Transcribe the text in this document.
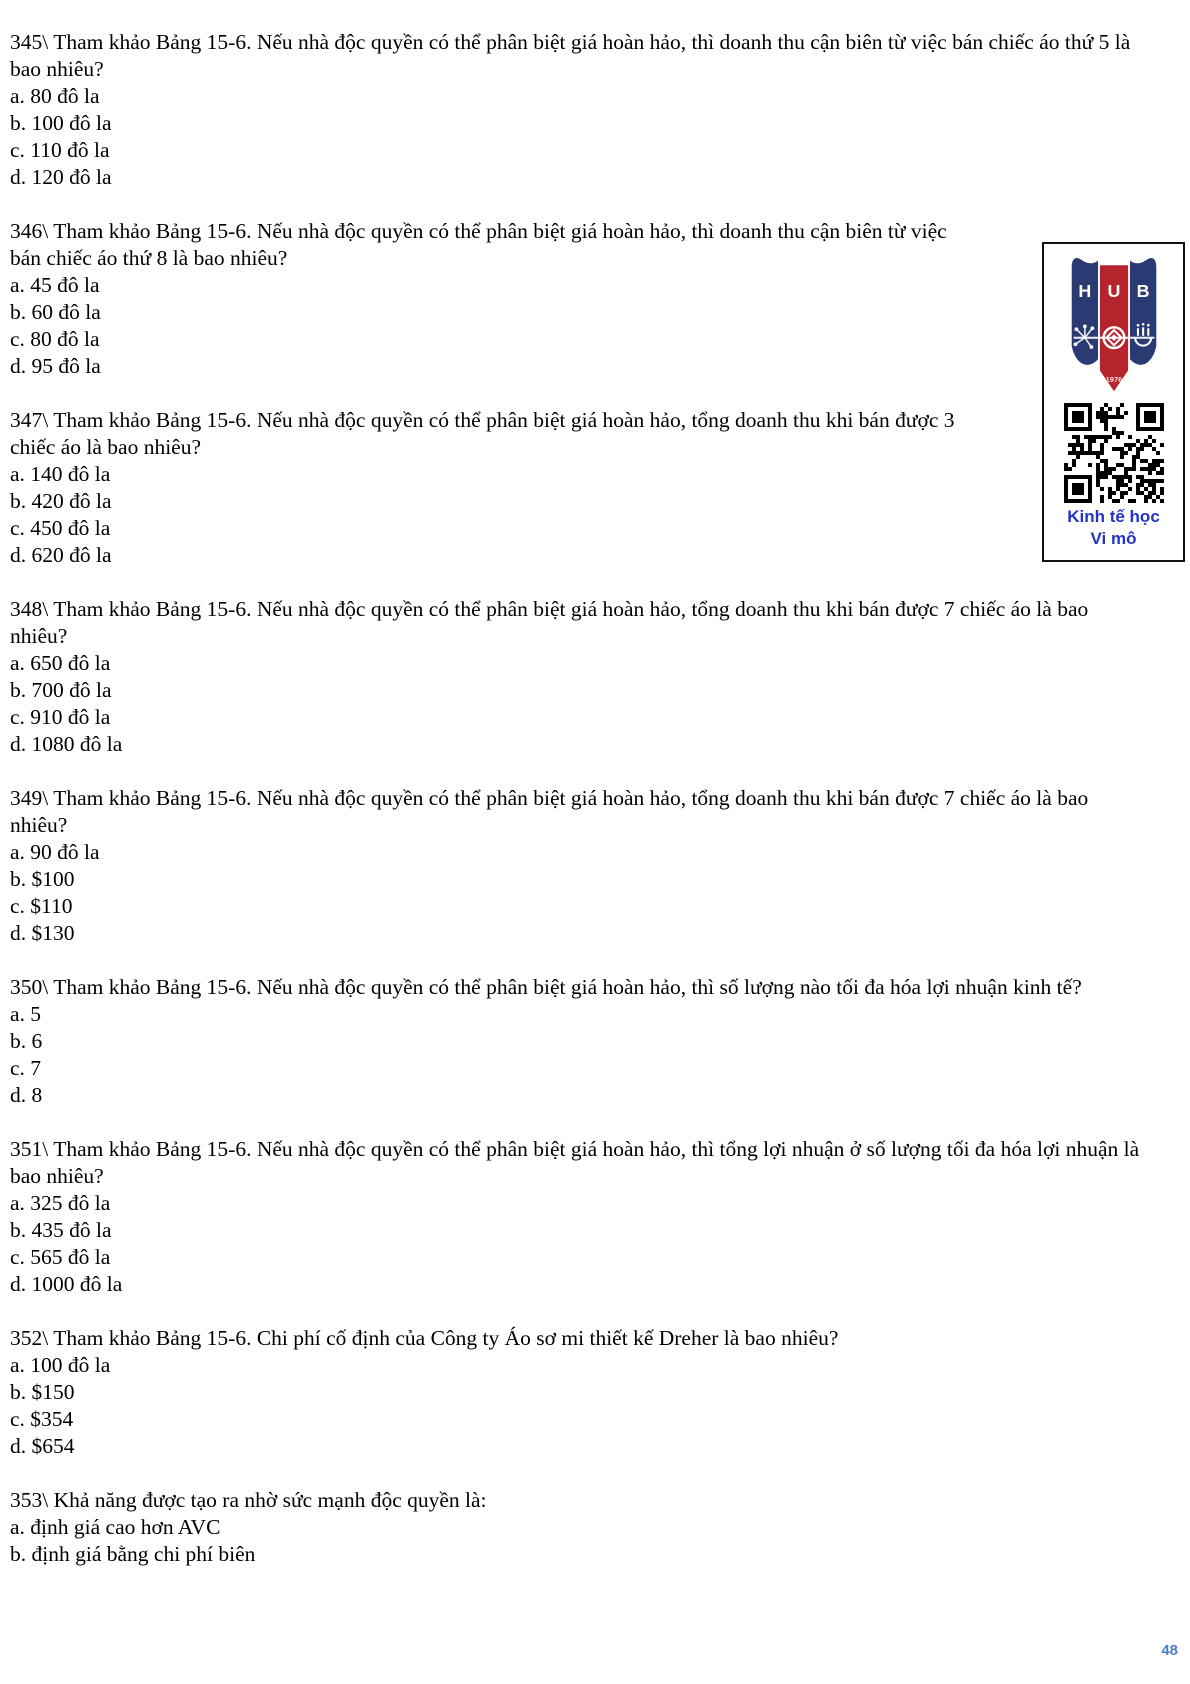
345\ Tham khảo Bảng 15-6. Nếu nhà độc quyền có thể phân biệt giá hoàn hảo, thì doanh thu cận biên từ việc bán chiếc áo thứ 5 là bao nhiêu?

a. 80 đô la

b. 100 đô la

c. 110 đô la

d. 120 đô la

H U B
1976
Kinh tế học
Vi mô

346\ Tham khảo Bảng 15-6. Nếu nhà độc quyền có thể phân biệt giá hoàn hảo, thì doanh thu cận biên từ việc bán chiếc áo thứ 8 là bao nhiêu?

a. 45 đô la

b. 60 đô la

c. 80 đô la

d. 95 đô la

347\ Tham khảo Bảng 15-6. Nếu nhà độc quyền có thể phân biệt giá hoàn hảo, tổng doanh thu khi bán được 3 chiếc áo là bao nhiêu?

a. 140 đô la

b. 420 đô la

c. 450 đô la

d. 620 đô la

348\ Tham khảo Bảng 15-6. Nếu nhà độc quyền có thể phân biệt giá hoàn hảo, tổng doanh thu khi bán được 7 chiếc áo là bao nhiêu?

a. 650 đô la

b. 700 đô la

c. 910 đô la

d. 1080 đô la

349\ Tham khảo Bảng 15-6. Nếu nhà độc quyền có thể phân biệt giá hoàn hảo, tổng doanh thu khi bán được 7 chiếc áo là bao nhiêu?

a. 90 đô la

b. $100

c. $110

d. $130

350\ Tham khảo Bảng 15-6. Nếu nhà độc quyền có thể phân biệt giá hoàn hảo, thì số lượng nào tối đa hóa lợi nhuận kinh tế?

a. 5

b. 6

c. 7

d. 8

351\ Tham khảo Bảng 15-6. Nếu nhà độc quyền có thể phân biệt giá hoàn hảo, thì tổng lợi nhuận ở số lượng tối đa hóa lợi nhuận là bao nhiêu?

a. 325 đô la

b. 435 đô la

c. 565 đô la

d. 1000 đô la

352\ Tham khảo Bảng 15-6. Chi phí cố định của Công ty Áo sơ mi thiết kế Dreher là bao nhiêu?

a. 100 đô la

b. $150

c. $354

d. $654

353\ Khả năng được tạo ra nhờ sức mạnh độc quyền là:

a. định giá cao hơn AVC

b. định giá bằng chi phí biên

48
